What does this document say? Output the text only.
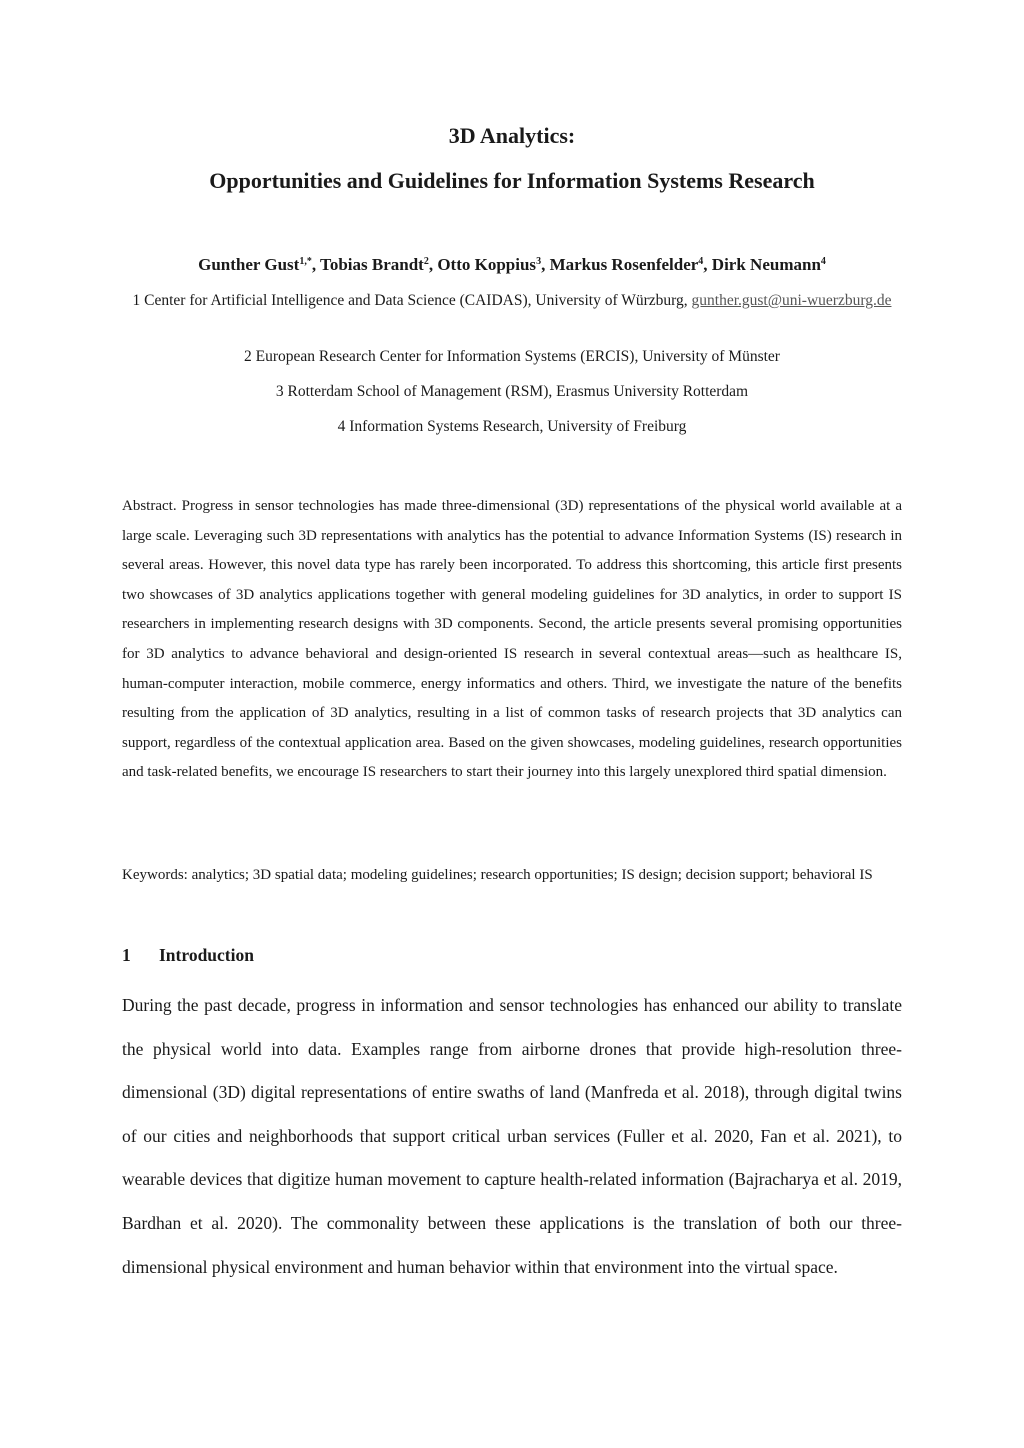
3D Analytics:
Opportunities and Guidelines for Information Systems Research
Gunther Gust$^{1,*}$, Tobias Brandt$^2$, Otto Koppius$^3$, Markus Rosenfelder$^4$, Dirk Neumann$^4$
1 Center for Artificial Intelligence and Data Science (CAIDAS), University of Würzburg, gunther.gust@uni-wuerzburg.de
2 European Research Center for Information Systems (ERCIS), University of Münster
3 Rotterdam School of Management (RSM), Erasmus University Rotterdam
4 Information Systems Research, University of Freiburg

Abstract. Progress in sensor technologies has made three-dimensional (3D) representations of the physical world available at a large scale. Leveraging such 3D representations with analytics has the potential to advance Information Systems (IS) research in several areas. However, this novel data type has rarely been incorporated. To address this shortcoming, this article first presents two showcases of 3D analytics applications together with general modeling guidelines for 3D analytics, in order to support IS researchers in implementing research designs with 3D components. Second, the article presents several promising opportunities for 3D analytics to advance behavioral and design-oriented IS research in several contextual areas—such as healthcare IS, human-computer interaction, mobile commerce, energy informatics and others. Third, we investigate the nature of the benefits resulting from the application of 3D analytics, resulting in a list of common tasks of research projects that 3D analytics can support, regardless of the contextual application area. Based on the given showcases, modeling guidelines, research opportunities and task-related benefits, we encourage IS researchers to start their journey into this largely unexplored third spatial dimension.

Keywords: analytics; 3D spatial data; modeling guidelines; research opportunities; IS design; decision support; behavioral IS

1 Introduction

During the past decade, progress in information and sensor technologies has enhanced our ability to translate the physical world into data. Examples range from airborne drones that provide high-resolution three-dimensional (3D) digital representations of entire swaths of land (Manfreda et al. 2018), through digital twins of our cities and neighborhoods that support critical urban services (Fuller et al. 2020, Fan et al. 2021), to wearable devices that digitize human movement to capture health-related information (Bajracharya et al. 2019, Bardhan et al. 2020). The commonality between these applications is the translation of both our three-dimensional physical environment and human behavior within that environment into the virtual space.
